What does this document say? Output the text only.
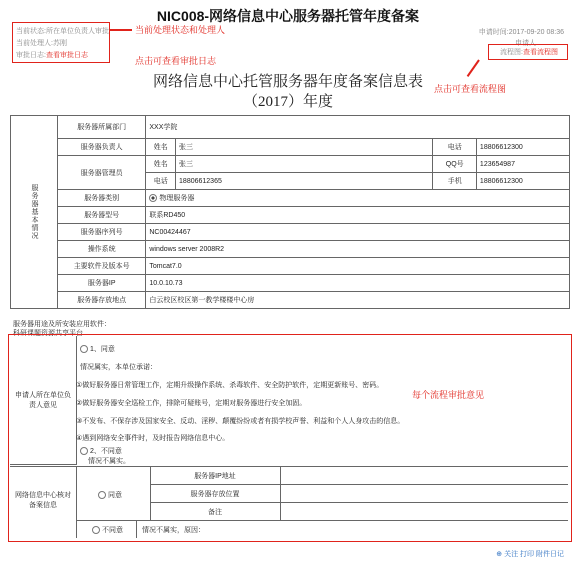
NIC008-网络信息中心服务器托管年度备案
当前状态:所在单位负责人审批
当前处理人:苏刚
审批日志:查看审批日志
当前处理状态和处理人
点击可查看审批日志
申请时间:2017-09-20 08:36
申请人
流程图:查看流程图
点击可查看流程图
网络信息中心托管服务器年度备案信息表
（2017）年度
服务器基本情况	服务器所属部门	XXX学院			
	服务器负责人	姓名	张三	电话	18806612300
	服务器管理员	姓名	张三	QQ号	123654987
		电话	18806612365	手机	18806612300
	服务器类别	物理服务器			
	服务器型号	联系RD450			
	服务器序列号	NC00424467			
	操作系统	windows server 2008R2			
	主要软件及版本号	Tomcat7.0			
	服务器IP	10.0.10.73			
	服务器存放地点	白云校区校区第一教学楼楼中心房			
服务器用途及所安装应用软件：
科研课题资源共享平台
申请人所在单位负责人意见
1、同意
情况属实，本单位承诺：
①做好服务器日常管理工作，定期升级操作系统、杀毒软件、安全防护软件，定期更新账号、密码。
②做好服务器安全巡检工作，排除可疑账号，定期对服务器进行安全加固。
③不发布、不保存涉及国家安全、反动、淫秽、颠覆纷纷或者有损学校声誉、利益和个人人身攻击的信息。
④遇到网络安全事件时，及时报告网络信息中心。
2、不同意
情况不属实。
每个流程审批意见
网络信息中心核对备案信息
同意
服务器IP地址
服务器存放位置
备注
不同意	情况不属实，原因：
⊕ 关注 打印 附件日记
